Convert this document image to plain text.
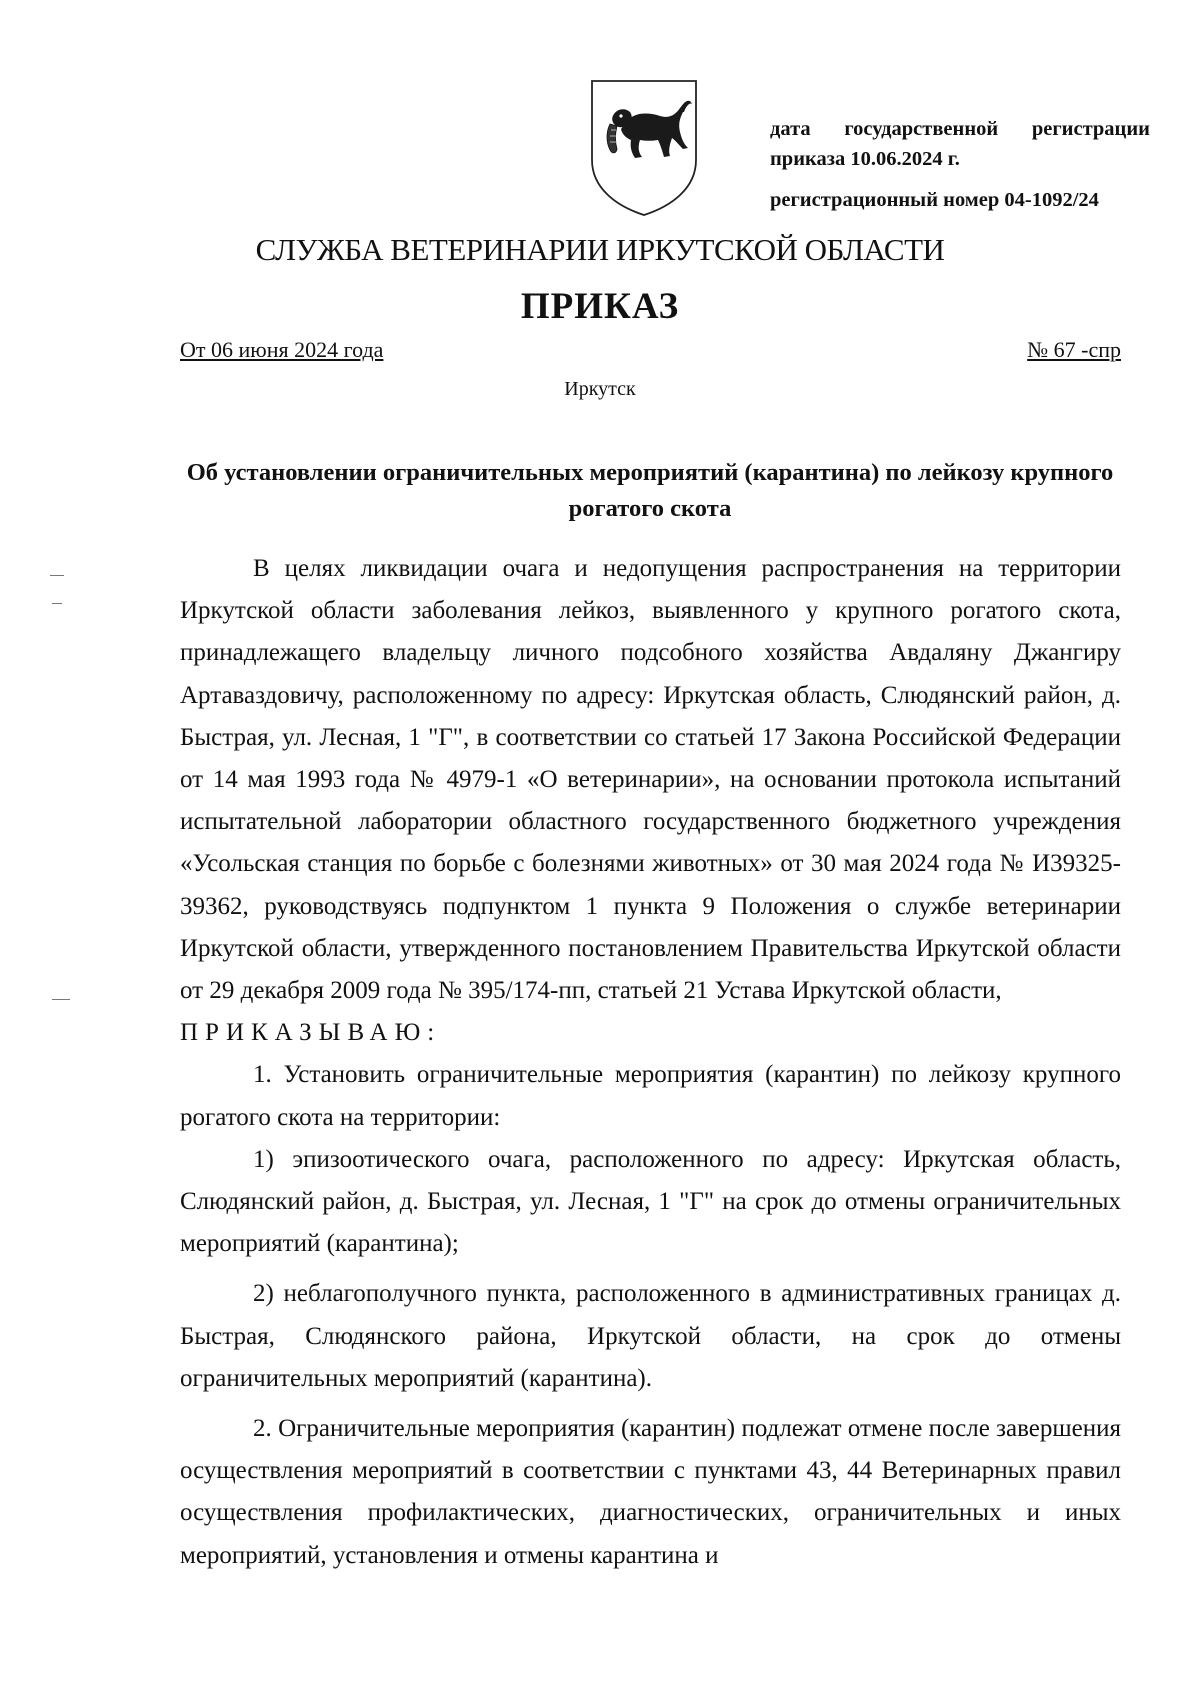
дата государственной регистрации
приказа 10.06.2024 г.
регистрационный номер 04-1092/24
СЛУЖБА ВЕТЕРИНАРИИ ИРКУТСКОЙ ОБЛАСТИ
ПРИКАЗ
От 06 июня 2024 года	№ 67 -спр
Иркутск
Об установлении ограничительных мероприятий (карантина) по лейкозу крупного рогатого скота

В целях ликвидации очага и недопущения распространения на территории Иркутской области заболевания лейкоз, выявленного у крупного рогатого скота, принадлежащего владельцу личного подсобного хозяйства Авдаляну Джангиру Артаваздовичу, расположенному по адресу: Иркутская область, Слюдянский район, д. Быстрая, ул. Лесная, 1 "Г", в соответствии со статьей 17 Закона Российской Федерации от 14 мая 1993 года № 4979-1 «О ветеринарии», на основании протокола испытаний испытательной лаборатории областного государственного бюджетного учреждения «Усольская станция по борьбе с болезнями животных» от 30 мая 2024 года № И39325-39362, руководствуясь подпунктом 1 пункта 9 Положения о службе ветеринарии Иркутской области, утвержденного постановлением Правительства Иркутской области от 29 декабря 2009 года № 395/174-пп, статьей 21 Устава Иркутской области,

ПРИКАЗЫВАЮ:

1. Установить ограничительные мероприятия (карантин) по лейкозу крупного рогатого скота на территории:

1) эпизоотического очага, расположенного по адресу: Иркутская область, Слюдянский район, д. Быстрая, ул. Лесная, 1 "Г" на срок до отмены ограничительных мероприятий (карантина);

2) неблагополучного пункта, расположенного в административных границах д. Быстрая, Слюдянского района, Иркутской области, на срок до отмены ограничительных мероприятий (карантина).

2. Ограничительные мероприятия (карантин) подлежат отмене после завершения осуществления мероприятий в соответствии с пунктами 43, 44 Ветеринарных правил осуществления профилактических, диагностических, ограничительных и иных мероприятий, установления и отмены карантина и
